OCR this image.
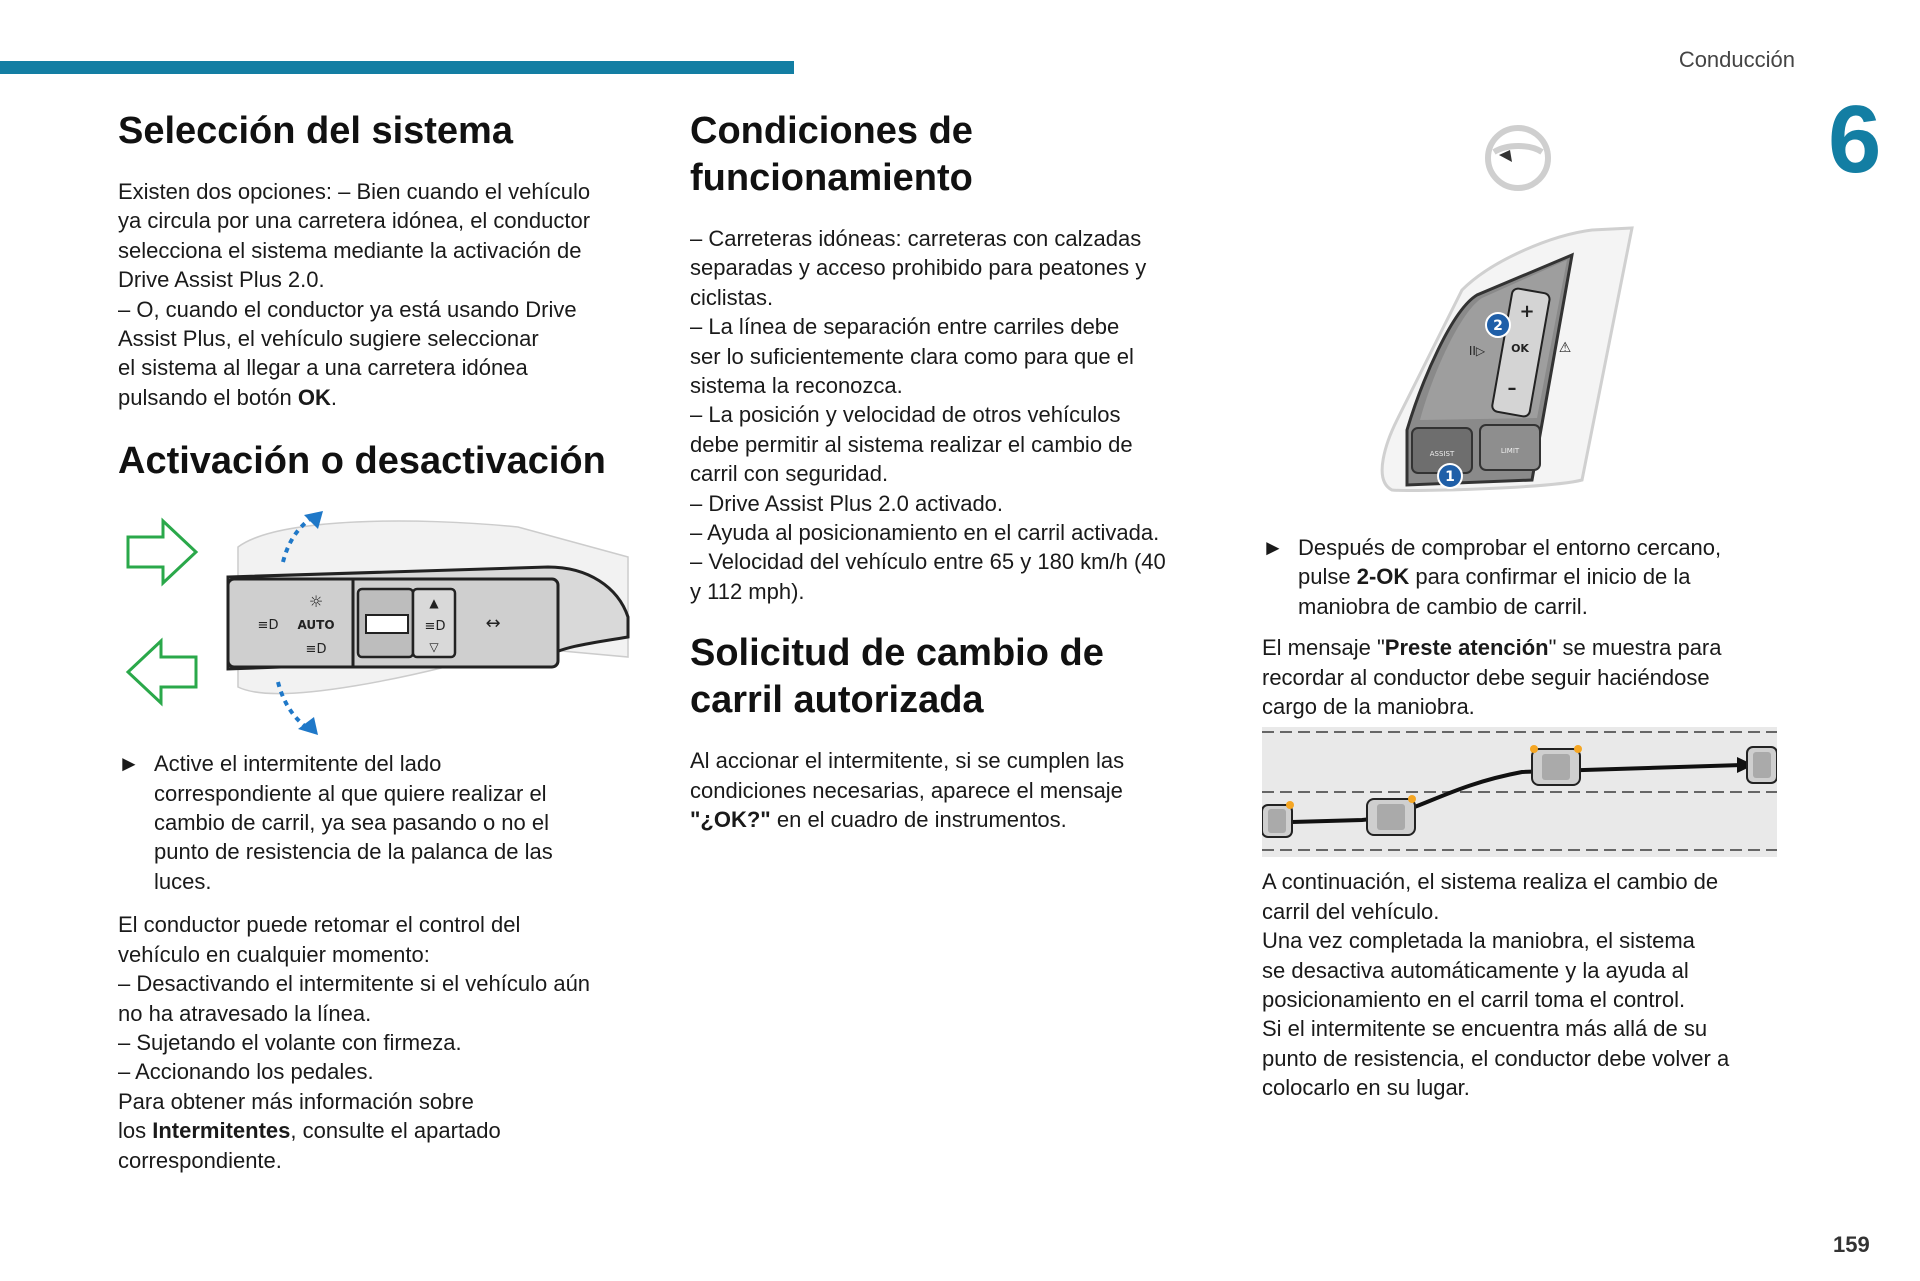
Conducción
6
159
Selección del sistema

Existen dos opciones: – Bien cuando el vehículo
ya circula por una carretera idónea, el conductor
selecciona el sistema mediante la activación de
Drive Assist Plus 2.0.
– O, cuando el conductor ya está usando Drive
Assist Plus, el vehículo sugiere seleccionar
el sistema al llegar a una carretera idónea
pulsando el botón OK.

Activación o desactivación
▲
▽
≡D ↔
≡D AUTO
☼
≡D
► Active el intermitente del lado
correspondiente al que quiere realizar el
cambio de carril, ya sea pasando o no el
punto de resistencia de la palanca de las
luces.

El conductor puede retomar el control del
vehículo en cualquier momento:
– Desactivando el intermitente si el vehículo aún
no ha atravesado la línea.
– Sujetando el volante con firmeza.
– Accionando los pedales.
Para obtener más información sobre
los Intermitentes, consulte el apartado
correspondiente.

Condiciones de
funcionamiento

– Carreteras idóneas: carreteras con calzadas
separadas y acceso prohibido para peatones y
ciclistas.
– La línea de separación entre carriles debe
ser lo suficientemente clara como para que el
sistema la reconozca.
– La posición y velocidad de otros vehículos
debe permitir al sistema realizar el cambio de
carril con seguridad.
– Drive Assist Plus 2.0 activado.
– Ayuda al posicionamiento en el carril activada.
– Velocidad del vehículo entre 65 y 180 km/h (40
y 112 mph).

Solicitud de cambio de
carril autorizada

Al accionar el intermitente, si se cumplen las
condiciones necesarias, aparece el mensaje
"¿OK?" en el cuadro de instrumentos.

+
OK
–
II▷	⚠
ASSIST	LIMIT
2
1
► Después de comprobar el entorno cercano,
pulse 2-OK para confirmar el inicio de la
maniobra de cambio de carril.

El mensaje "Preste atención" se muestra para
recordar al conductor debe seguir haciéndose
cargo de la maniobra.

A continuación, el sistema realiza el cambio de
carril del vehículo.
Una vez completada la maniobra, el sistema
se desactiva automáticamente y la ayuda al
posicionamiento en el carril toma el control.
Si el intermitente se encuentra más allá de su
punto de resistencia, el conductor debe volver a
colocarlo en su lugar.
